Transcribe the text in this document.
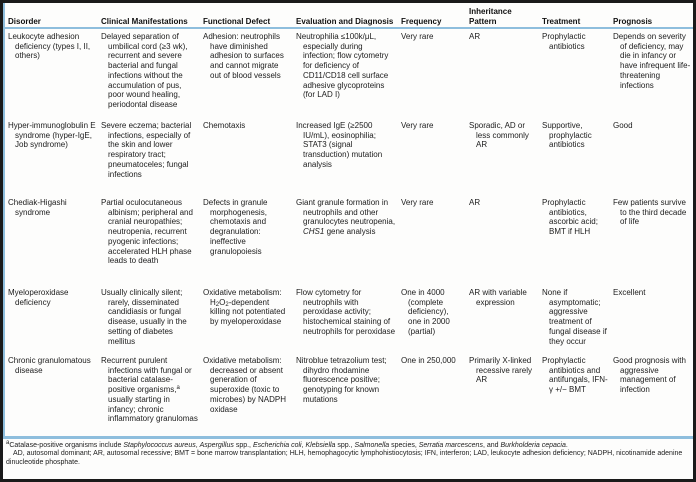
Disorder	Clinical Manifestations	Functional Defect	Evaluation and Diagnosis	Frequency	Inheritance Pattern	Treatment	Prognosis
Leukocyte adhesion deficiency (types I, II, others)	Delayed separation of umbilical cord (≥3 wk), recurrent and severe bacterial and fungal infections without the accumulation of pus, poor wound healing, periodontal disease	Adhesion: neutrophils have diminished adhesion to surfaces and cannot migrate out of blood vessels	Neutrophilia ≤100k/μL, especially during infection; flow cytometry for deficiency of CD11/CD18 cell surface adhesive glycoproteins (for LAD I)	Very rare	AR	Prophylactic antibiotics	Depends on severity of deficiency, may die in infancy or have infrequent life-threatening infections
Hyper-immunoglobulin E syndrome (hyper-IgE, Job syndrome)	Severe eczema; bacterial infections, especially of the skin and lower respiratory tract; pneumatoceles; fungal infections	Chemotaxis	Increased IgE (≥2500 IU/mL), eosinophilia; STAT3 (signal transduction) mutation analysis	Very rare	Sporadic, AD or less commonly AR	Supportive, prophylactic antibiotics	Good
Chediak-Higashi syndrome	Partial oculocutaneous albinism; peripheral and cranial neuropathies; neutropenia, recurrent pyogenic infections; accelerated HLH phase leads to death	Defects in granule morphogenesis, chemotaxis and degranulation: ineffective granulopoiesis	Giant granule formation in neutrophils and other granulocytes neutropenia, CHS1 gene analysis	Very rare	AR	Prophylactic antibiotics, ascorbic acid; BMT if HLH	Few patients survive to the third decade of life
Myeloperoxidase deficiency	Usually clinically silent; rarely, disseminated candidiasis or fungal disease, usually in the setting of diabetes mellitus	Oxidative metabolism: $H_2O_2$-dependent killing not potentiated by myeloperoxidase	Flow cytometry for neutrophils with peroxidase activity; histochemical staining of neutrophils for peroxidase	One in 4000 (complete deficiency), one in 2000 (partial)	AR with variable expression	None if asymptomatic; aggressive treatment of fungal disease if they occur	Excellent
Chronic granulomatous disease	Recurrent purulent infections with fungal or bacterial catalase-positive organisms,$^a$ usually starting in infancy; chronic inflammatory granulomas	Oxidative metabolism: decreased or absent generation of superoxide (toxic to microbes) by NADPH oxidase	Nitroblue tetrazolium test; dihydro rhodamine fluorescence positive; genotyping for known mutations	One in 250,000	Primarily X-linked recessive rarely AR	Prophylactic antibiotics and antifungals, IFN-γ +/− BMT	Good prognosis with aggressive management of infection

$^a$Catalase-positive organisms include Staphylococcus aureus, Aspergillus spp., Escherichia coli, Klebsiella spp., Salmonella species, Serratia marcescens, and Burkholderia cepacia.

AD, autosomal dominant; AR, autosomal recessive; BMT = bone marrow transplantation; HLH, hemophagocytic lymphohistiocytosis; IFN, interferon; LAD, leukocyte adhesion deficiency; NADPH, nicotinamide adenine dinucleotide phosphate.
